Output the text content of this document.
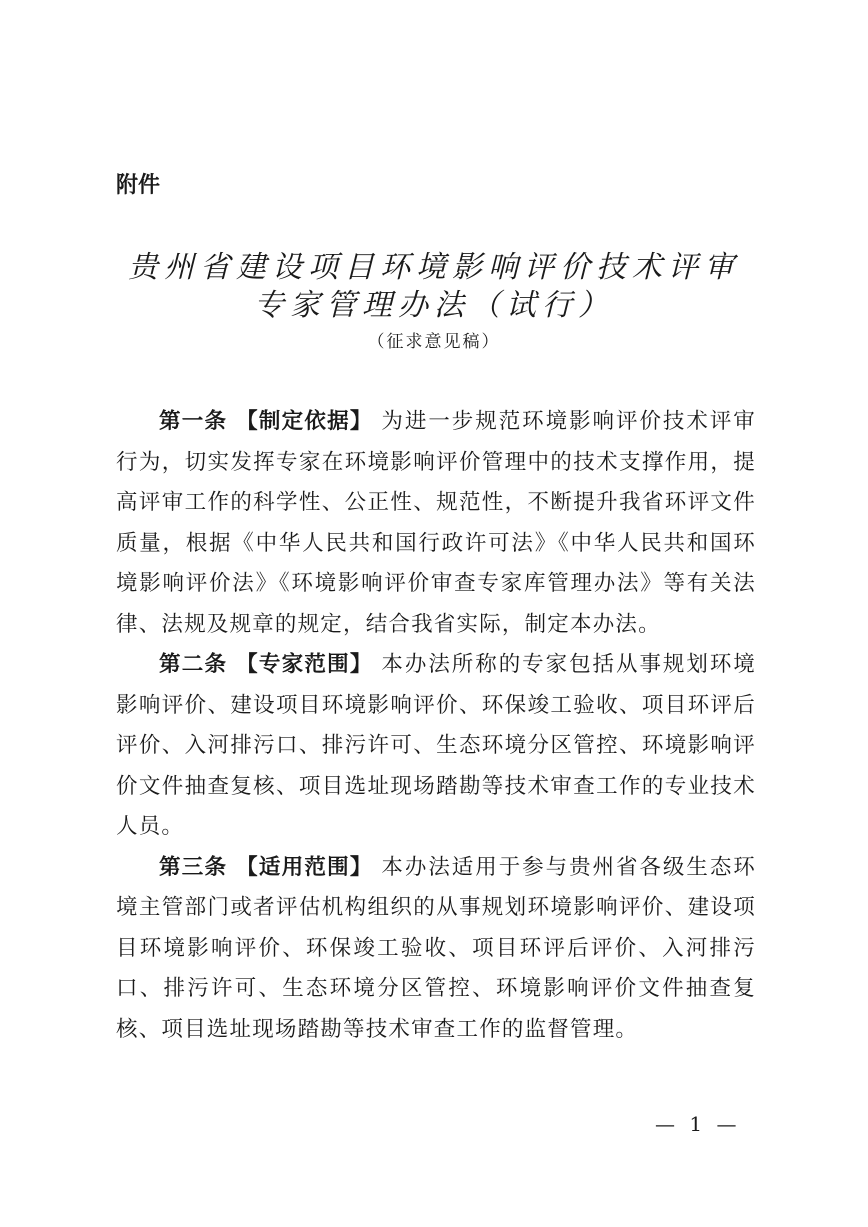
附件
贵州省建设项目环境影响评价技术评审
专家管理办法（试行）
（征求意见稿）

第一条 【制定依据】 为进一步规范环境影响评价技术评审行为，切实发挥专家在环境影响评价管理中的技术支撑作用，提高评审工作的科学性、公正性、规范性，不断提升我省环评文件质量，根据《中华人民共和国行政许可法》《中华人民共和国环境影响评价法》《环境影响评价审查专家库管理办法》等有关法律、法规及规章的规定，结合我省实际，制定本办法。

第二条 【专家范围】 本办法所称的专家包括从事规划环境影响评价、建设项目环境影响评价、环保竣工验收、项目环评后评价、入河排污口、排污许可、生态环境分区管控、环境影响评价文件抽查复核、项目选址现场踏勘等技术审查工作的专业技术人员。

第三条 【适用范围】 本办法适用于参与贵州省各级生态环境主管部门或者评估机构组织的从事规划环境影响评价、建设项目环境影响评价、环保竣工验收、项目环评后评价、入河排污口、排污许可、生态环境分区管控、环境影响评价文件抽查复核、项目选址现场踏勘等技术审查工作的监督管理。

— 1 —
